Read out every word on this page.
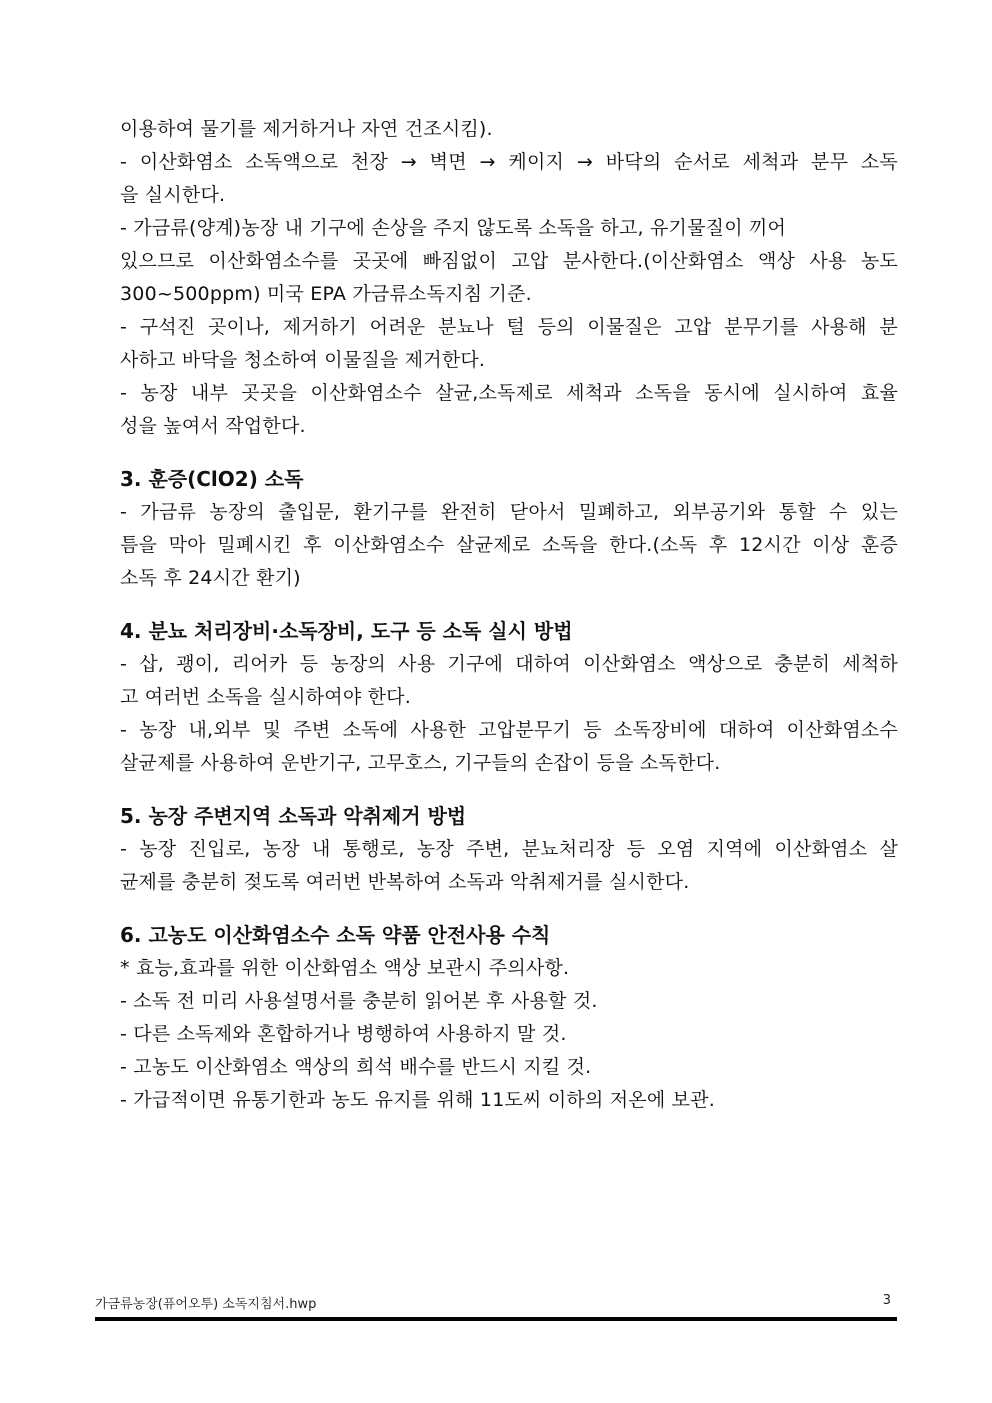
이용하여 물기를 제거하거나 자연 건조시킴).
- 이산화염소 소독액으로 천장 → 벽면 → 케이지 → 바닥의 순서로 세척과 분무 소독
을 실시한다.
- 가금류(양계)농장 내 기구에 손상을 주지 않도록 소독을 하고, 유기물질이 끼어
있으므로 이산화염소수를 곳곳에 빠짐없이 고압 분사한다.(이산화염소 액상 사용 농도
300~500ppm) 미국 EPA 가금류소독지침 기준.
- 구석진 곳이나, 제거하기 어려운 분뇨나 털 등의 이물질은 고압 분무기를 사용해 분
사하고 바닥을 청소하여 이물질을 제거한다.
- 농장 내부 곳곳을 이산화염소수 살균,소독제로 세척과 소독을 동시에 실시하여 효율
성을 높여서 작업한다.
3. 훈증(ClO2) 소독
- 가금류 농장의 출입문, 환기구를 완전히 닫아서 밀폐하고, 외부공기와 통할 수 있는
틈을 막아 밀폐시킨 후 이산화염소수 살균제로 소독을 한다.(소독 후 12시간 이상 훈증
소독 후 24시간 환기)
4. 분뇨 처리장비·소독장비, 도구 등 소독 실시 방법
- 삽, 괭이, 리어카 등 농장의 사용 기구에 대하여 이산화염소 액상으로 충분히 세척하
고 여러번 소독을 실시하여야 한다.
- 농장 내,외부 및 주변 소독에 사용한 고압분무기 등 소독장비에 대하여 이산화염소수
살균제를 사용하여 운반기구, 고무호스, 기구들의 손잡이 등을 소독한다.
5. 농장 주변지역 소독과 악취제거 방법
- 농장 진입로, 농장 내 통행로, 농장 주변, 분뇨처리장 등 오염 지역에 이산화염소 살
균제를 충분히 젖도록 여러번 반복하여 소독과 악취제거를 실시한다.
6. 고농도 이산화염소수 소독 약품 안전사용 수칙
* 효능,효과를 위한 이산화염소 액상 보관시 주의사항.
- 소독 전 미리 사용설명서를 충분히 읽어본 후 사용할 것.
- 다른 소독제와 혼합하거나 병행하여 사용하지 말 것.
- 고농도 이산화염소 액상의 희석 배수를 반드시 지킬 것.
- 가급적이면 유통기한과 농도 유지를 위해 11도씨 이하의 저온에 보관.
가금류농장(퓨어오투) 소독지침서.hwp	3
